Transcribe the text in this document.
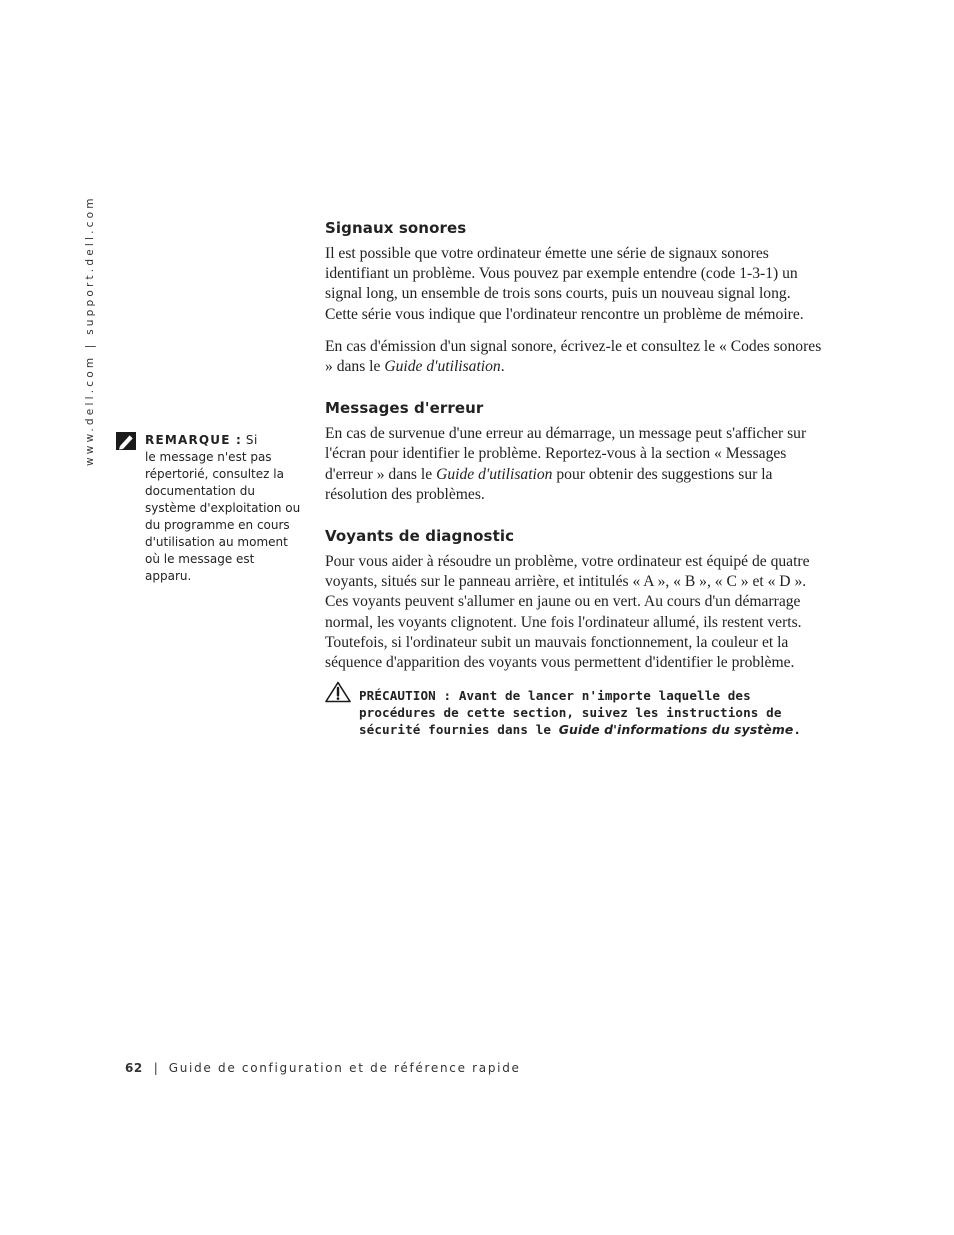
www.dell.com | support.dell.com	REMARQUE : Si
le message n'est pas répertorié, consultez la documentation du système d'exploitation ou du programme en cours d'utilisation au moment où le message est apparu.
Signaux sonores

Il est possible que votre ordinateur émette une série de signaux sonores identifiant un problème. Vous pouvez par exemple entendre (code 1-3-1) un signal long, un ensemble de trois sons courts, puis un nouveau signal long. Cette série vous indique que l'ordinateur rencontre un problème de mémoire.

En cas d'émission d'un signal sonore, écrivez-le et consultez le « Codes sonores » dans le Guide d'utilisation.

Messages d'erreur

En cas de survenue d'une erreur au démarrage, un message peut s'afficher sur l'écran pour identifier le problème. Reportez-vous à la section « Messages d'erreur » dans le Guide d'utilisation pour obtenir des suggestions sur la résolution des problèmes.

Voyants de diagnostic

Pour vous aider à résoudre un problème, votre ordinateur est équipé de quatre voyants, situés sur le panneau arrière, et intitulés « A », « B », « C » et « D ». Ces voyants peuvent s'allumer en jaune ou en vert. Au cours d'un démarrage normal, les voyants clignotent. Une fois l'ordinateur allumé, ils restent verts. Toutefois, si l'ordinateur subit un mauvais fonctionnement, la couleur et la séquence d'apparition des voyants vous permettent d'identifier le problème.

PRÉCAUTION : Avant de lancer n'importe laquelle des procédures de cette section, suivez les instructions de sécurité fournies dans le Guide d'informations du système.
62 | Guide de configuration et de référence rapide
